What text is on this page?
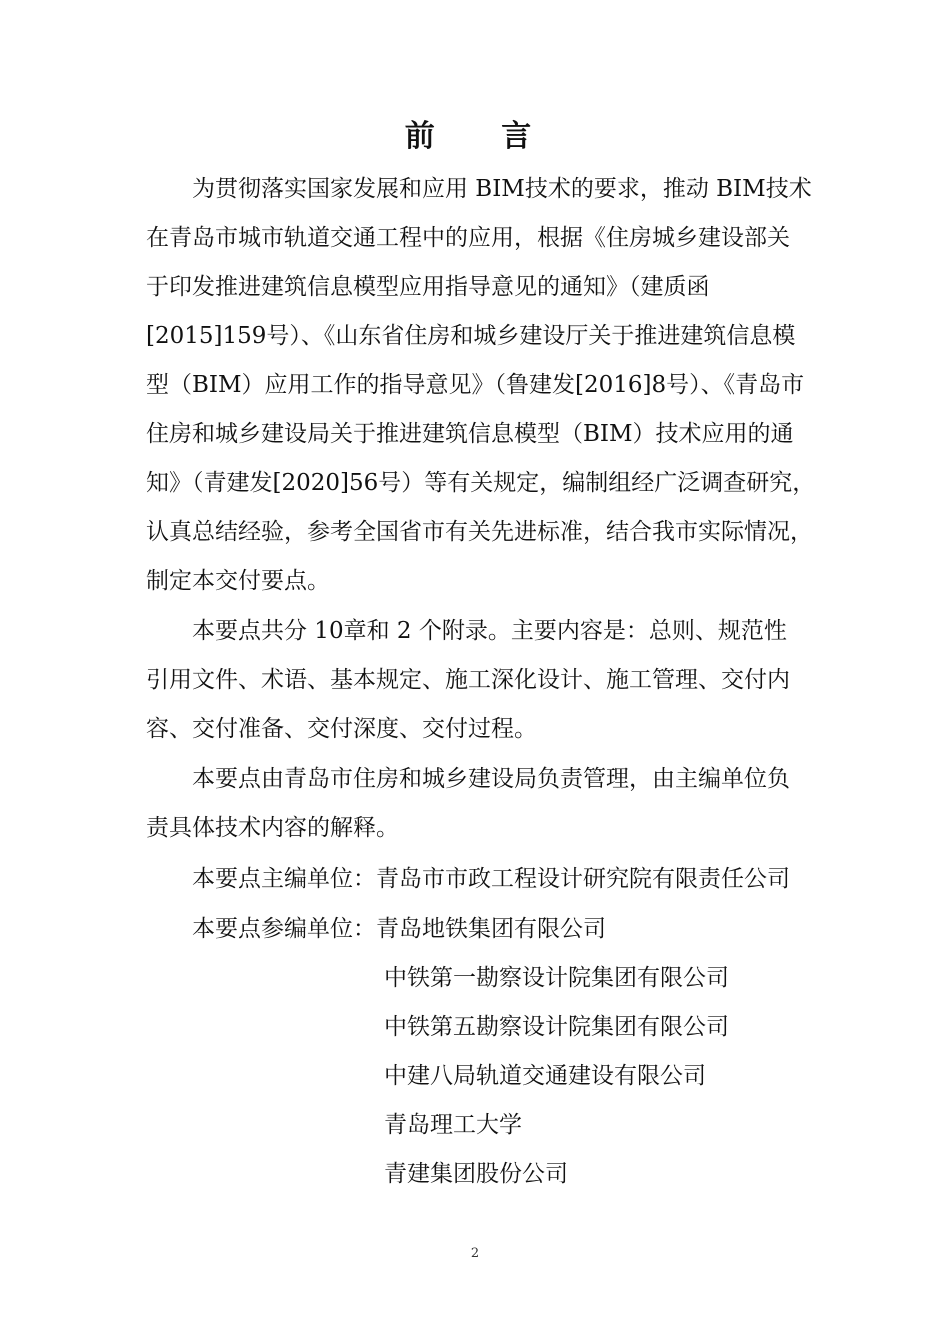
前 言
为贯彻落实国家发展和应用 BIM技术的要求，推动 BIM技术
在青岛市城市轨道交通工程中的应用，根据《住房城乡建设部关
于印发推进建筑信息模型应用指导意见的通知》（建质函
[2015]159号）、《山东省住房和城乡建设厅关于推进建筑信息模
型（BIM）应用工作的指导意见》（鲁建发[2016]8号）、《青岛市
住房和城乡建设局关于推进建筑信息模型（BIM）技术应用的通
知》（青建发[2020]56号）等有关规定，编制组经广泛调查研究，
认真总结经验，参考全国省市有关先进标准，结合我市实际情况，
制定本交付要点。
本要点共分 10章和 2 个附录。主要内容是：总则、规范性
引用文件、术语、基本规定、施工深化设计、施工管理、交付内
容、交付准备、交付深度、交付过程。
本要点由青岛市住房和城乡建设局负责管理，由主编单位负
责具体技术内容的解释。
本要点主编单位：青岛市市政工程设计研究院有限责任公司
本要点参编单位：青岛地铁集团有限公司
中铁第一勘察设计院集团有限公司
中铁第五勘察设计院集团有限公司
中建八局轨道交通建设有限公司
青岛理工大学
青建集团股份公司
2
